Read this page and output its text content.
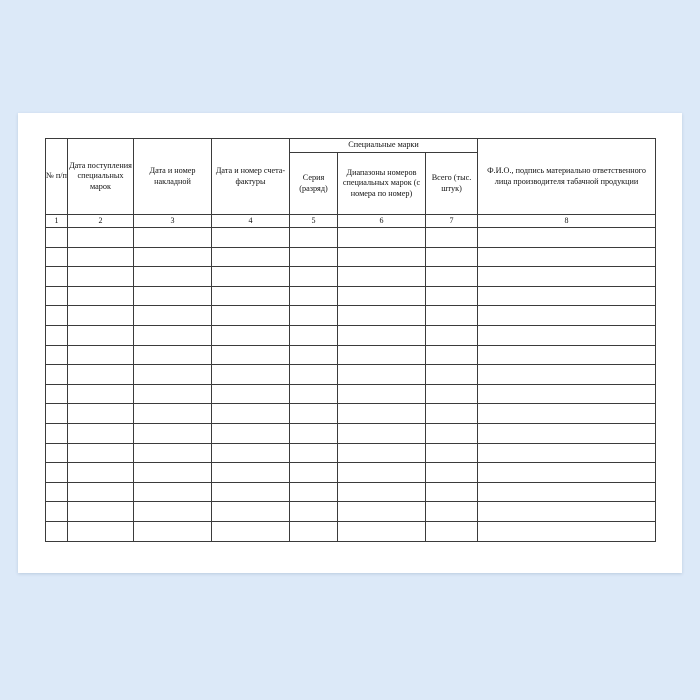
№ п/п	Дата поступления специальных марок	Дата и номер накладной	Дата и номер счета-фактуры	Специальные марки			Ф.И.О., подпись материально ответственного лица производителя табачной продукции

				Серия (разряд)	Диапазоны номеров специальных марок (с номера по номер)	Всего (тыс. штук)	

1	2	3	4	5	6	7	8
